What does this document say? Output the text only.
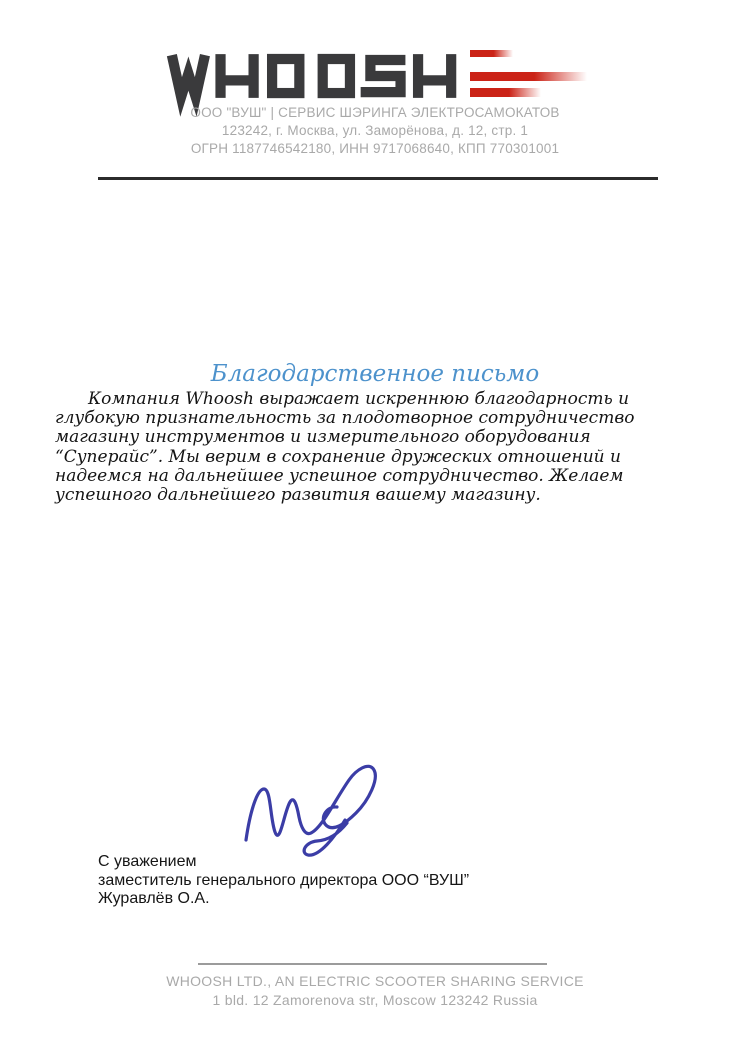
ООО "ВУШ" | СЕРВИС ШЭРИНГА ЭЛЕКТРОСАМОКАТОВ
123242, г. Москва, ул. Заморёнова, д. 12, стр. 1
ОГРН 1187746542180, ИНН 9717068640, КПП 770301001
Благодарственное письмо
Компания Whoosh выражает искреннюю благодарность и глубокую признательность за плодотворное сотрудничество магазину инструментов и измерительного оборудования “Суперайс”. Мы верим в сохранение дружеских отношений и надеемся на дальнейшее успешное сотрудничество. Желаем успешного дальнейшего развития вашему магазину.
С уважением
заместитель генерального директора ООО “ВУШ”
Журавлёв О.А.
WHOOSH LTD., AN ELECTRIC SCOOTER SHARING SERVICE
1 bld. 12 Zamorenova str, Moscow 123242 Russia
